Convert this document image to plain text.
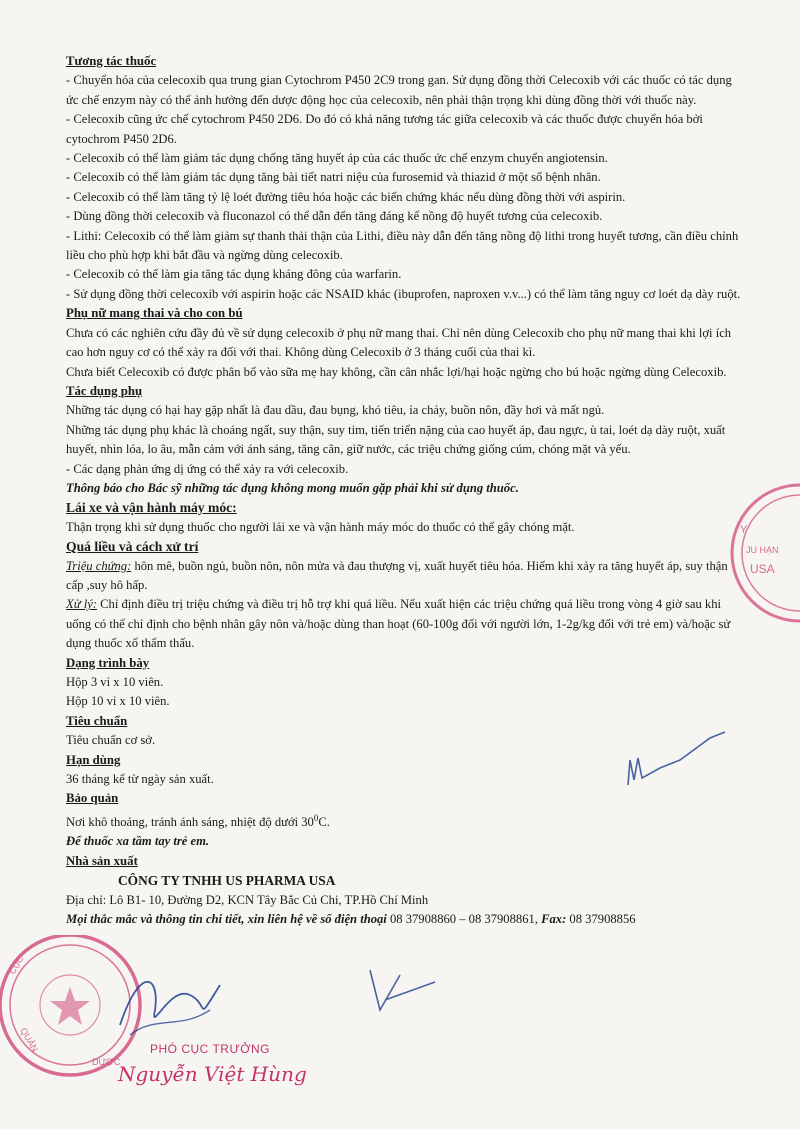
Tương tác thuốc

- Chuyển hóa của celecoxib qua trung gian Cytochrom P450 2C9 trong gan. Sử dụng đồng thời Celecoxib với các thuốc có tác dụng ức chế enzym này có thể ảnh hưởng đến dược động học của celecoxib, nên phải thận trọng khi dùng đồng thời với thuốc này.

- Celecoxib cũng ức chế cytochrom P450 2D6. Do đó có khả năng tương tác giữa celecoxib và các thuốc được chuyển hóa bởi cytochrom P450 2D6.

- Celecoxib có thể làm giảm tác dụng chống tăng huyết áp của các thuốc ức chế enzym chuyển angiotensin.

- Celecoxib có thể làm giảm tác dụng tăng bài tiết natri niệu của furosemid và thiazid ở một số bệnh nhân.

- Celecoxib có thể làm tăng tỷ lệ loét đường tiêu hóa hoặc các biến chứng khác nếu dùng đồng thời với aspirin.

- Dùng đồng thời celecoxib và fluconazol có thể dẫn đến tăng đáng kể nồng độ huyết tương của celecoxib.

- Lithi: Celecoxib có thể làm giảm sự thanh thải thận của Lithi, điều này dẫn đến tăng nồng độ lithi trong huyết tương, cần điều chỉnh liều cho phù hợp khi bắt đầu và ngừng dùng celecoxib.

- Celecoxib có thể làm gia tăng tác dụng kháng đông của warfarin.

- Sử dụng đồng thời celecoxib với aspirin hoặc các NSAID khác (ibuprofen, naproxen v.v...) có thể làm tăng nguy cơ loét dạ dày ruột.

Phụ nữ mang thai và cho con bú

Chưa có các nghiên cứu đầy đủ về sử dụng celecoxib ở phụ nữ mang thai. Chỉ nên dùng Celecoxib cho phụ nữ mang thai khi lợi ích cao hơn nguy cơ có thể xảy ra đối với thai. Không dùng Celecoxib ở 3 tháng cuối của thai kì.

Chưa biết Celecoxib có được phân bố vào sữa mẹ hay không, cần cân nhắc lợi/hại hoặc ngừng cho bú hoặc ngừng dùng Celecoxib.

Tác dụng phụ

Những tác dụng có hại hay gặp nhất là đau dầu, đau bụng, khó tiêu, ỉa chảy, buồn nôn, đầy hơi và mất ngủ.

Những tác dụng phụ khác là choáng ngất, suy thận, suy tim, tiến triển nặng của cao huyết áp, đau ngực, ù tai, loét dạ dày ruột, xuất huyết, nhìn lóa, lo âu, mẫn cảm với ánh sáng, tăng cân, giữ nước, các triệu chứng giống cúm, chóng mặt và yếu.

- Các dạng phản ứng dị ứng có thể xảy ra với celecoxib.

Thông báo cho Bác sỹ những tác dụng không mong muốn gặp phải khi sử dụng thuốc.

Lái xe và vận hành máy móc:

Thận trọng khi sử dụng thuốc cho người lái xe và vận hành máy móc do thuốc có thể gây chóng mặt.

Quá liều và cách xử trí

Triệu chứng: hôn mê, buồn ngủ, buồn nôn, nôn mửa và đau thượng vị, xuất huyết tiêu hóa. Hiếm khi xảy ra tăng huyết áp, suy thận cấp ,suy hô hấp.

Xử lý: Chỉ định điều trị triệu chứng và điều trị hỗ trợ khi quá liều. Nếu xuất hiện các triệu chứng quá liều trong vòng 4 giờ sau khi uống có thể chỉ định cho bệnh nhân gây nôn và/hoặc dùng than hoạt (60-100g đối với người lớn, 1-2g/kg đối với trẻ em) và/hoặc sử dụng thuốc xổ thẩm thấu.

Dạng trình bày

Hộp 3 vỉ x 10 viên.

Hộp 10 vỉ x 10 viên.

Tiêu chuẩn

Tiêu chuẩn cơ sở.

Hạn dùng

36 tháng kể từ ngày sản xuất.

Bảo quản

Nơi khô thoáng, tránh ánh sáng, nhiệt độ dưới $30^0C$.

Để thuốc xa tầm tay trẻ em.

Nhà sản xuất

CÔNG TY TNHH US PHARMA USA

Địa chỉ: Lô B1- 10, Đường D2, KCN Tây Bắc Củ Chi, TP.Hồ Chí Minh

Mọi thắc mắc và thông tin chi tiết, xin liên hệ về số điện thoại 08 37908860 – 08 37908861, Fax: 08 37908856

Y
JU HẠN
USA
CỤC
QUẢN
DƯỢC
PHÓ CỤC TRƯỞNG
Nguyễn Việt Hùng
